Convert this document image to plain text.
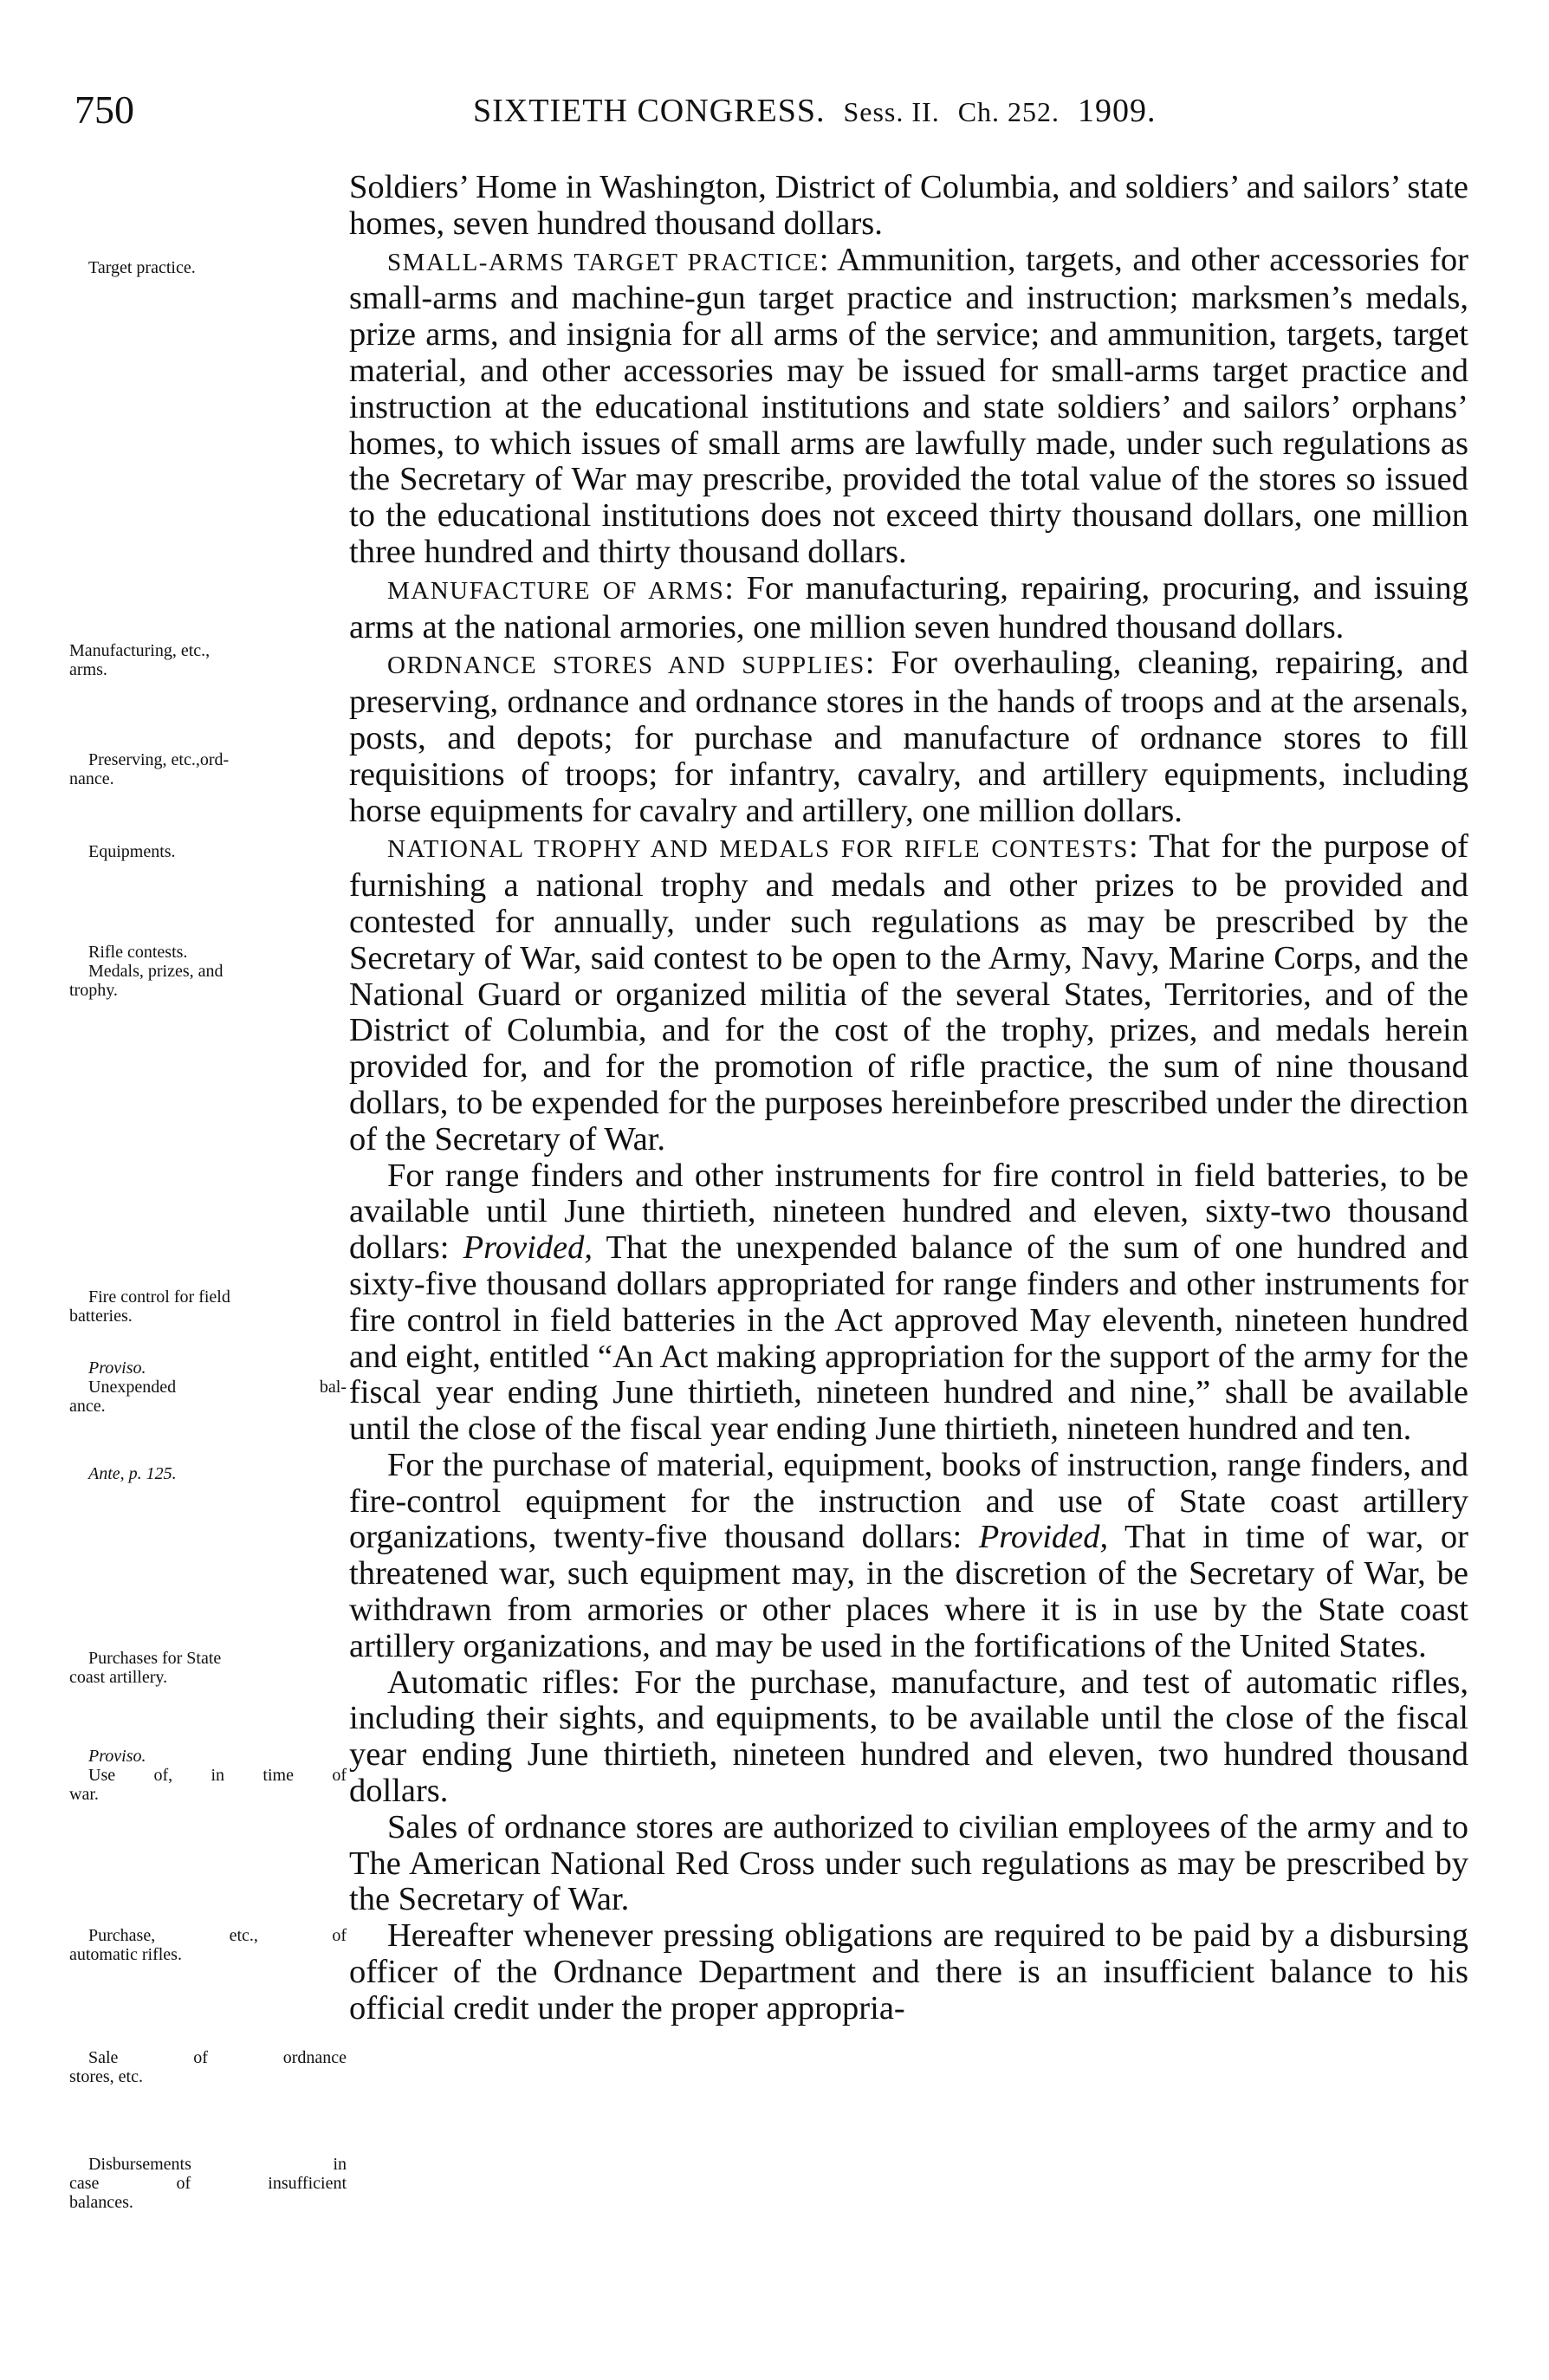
750	SIXTIETH CONGRESS. Sess. II. Ch. 252. 1909.
Target practice.
Manufacturing, etc.,
arms.
Preserving, etc.,ord-
nance.
Equipments.
Rifle contests.
Medals, prizes, and
trophy.
Fire control for field
batteries.
Proviso.
Unexpended bal-
ance.
Ante, p. 125.
Purchases for State
coast artillery.
Proviso.
Use of, in time of
war.
Purchase, etc., of
automatic rifles.
Sale of ordnance
stores, etc.
Disbursements in
case of insufficient
balances.

Soldiers’ Home in Washington, District of Columbia, and soldiers’ and sailors’ state homes, seven hundred thousand dollars.

SMALL-ARMS TARGET PRACTICE: Ammunition, targets, and other accessories for small-arms and machine-gun target practice and instruction; marksmen’s medals, prize arms, and insignia for all arms of the service; and ammunition, targets, target material, and other accessories may be issued for small-arms target practice and instruction at the educational institutions and state soldiers’ and sailors’ orphans’ homes, to which issues of small arms are lawfully made, under such regulations as the Secretary of War may prescribe, provided the total value of the stores so issued to the educational institutions does not exceed thirty thousand dollars, one million three hundred and thirty thousand dollars.

MANUFACTURE OF ARMS: For manufacturing, repairing, procuring, and issuing arms at the national armories, one million seven hundred thousand dollars.

ORDNANCE STORES AND SUPPLIES: For overhauling, cleaning, repairing, and preserving, ordnance and ordnance stores in the hands of troops and at the arsenals, posts, and depots; for purchase and manufacture of ordnance stores to fill requisitions of troops; for infantry, cavalry, and artillery equipments, including horse equipments for cavalry and artillery, one million dollars.

NATIONAL TROPHY AND MEDALS FOR RIFLE CONTESTS: That for the purpose of furnishing a national trophy and medals and other prizes to be provided and contested for annually, under such regulations as may be prescribed by the Secretary of War, said contest to be open to the Army, Navy, Marine Corps, and the National Guard or organized militia of the several States, Territories, and of the District of Columbia, and for the cost of the trophy, prizes, and medals herein provided for, and for the promotion of rifle practice, the sum of nine thousand dollars, to be expended for the purposes hereinbefore prescribed under the direction of the Secretary of War.

For range finders and other instruments for fire control in field batteries, to be available until June thirtieth, nineteen hundred and eleven, sixty-two thousand dollars: Provided, That the unexpended balance of the sum of one hundred and sixty-five thousand dollars appropriated for range finders and other instruments for fire control in field batteries in the Act approved May eleventh, nineteen hundred and eight, entitled “An Act making appropriation for the support of the army for the fiscal year ending June thirtieth, nineteen hundred and nine,” shall be available until the close of the fiscal year ending June thirtieth, nineteen hundred and ten.

For the purchase of material, equipment, books of instruction, range finders, and fire-control equipment for the instruction and use of State coast artillery organizations, twenty-five thousand dollars: Provided, That in time of war, or threatened war, such equipment may, in the discretion of the Secretary of War, be withdrawn from armories or other places where it is in use by the State coast artillery organizations, and may be used in the fortifications of the United States.

Automatic rifles: For the purchase, manufacture, and test of automatic rifles, including their sights, and equipments, to be available until the close of the fiscal year ending June thirtieth, nineteen hundred and eleven, two hundred thousand dollars.

Sales of ordnance stores are authorized to civilian employees of the army and to The American National Red Cross under such regulations as may be prescribed by the Secretary of War.

Hereafter whenever pressing obligations are required to be paid by a disbursing officer of the Ordnance Department and there is an insufficient balance to his official credit under the proper appropria-
